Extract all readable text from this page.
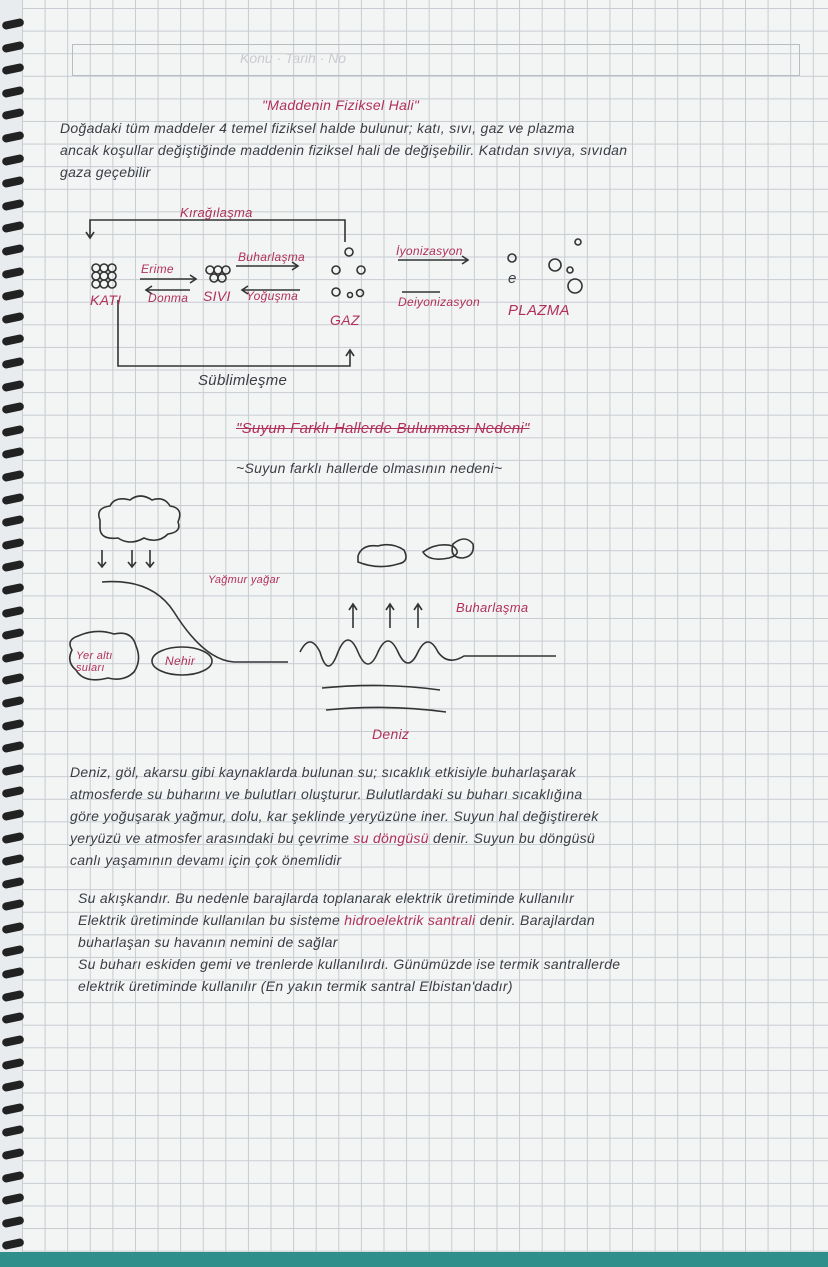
Konu · Tarih · No
"Maddenin Fiziksel Hali"
Doğadaki tüm maddeler 4 temel fiziksel halde bulunur; katı, sıvı, gaz ve plazma
ancak koşullar değiştiğinde maddenin fiziksel hali de değişebilir. Katıdan sıvıya, sıvıdan
gaza geçebilir
Kırağılaşma
Erime
Donma
Buharlaşma
Yoğuşma
İyonizasyon
Deiyonizasyon
KATI	SIVI
GAZ
PLAZMA
e
Süblimleşme
"Suyun Farklı Hallerde Bulunması Nedeni"
~Suyun farklı hallerde olmasının nedeni~
Yağmur yağar
Yer altı suları	Nehir
Buharlaşma
Deniz
Deniz, göl, akarsu gibi kaynaklarda bulunan su; sıcaklık etkisiyle buharlaşarak
atmosferde su buharını ve bulutları oluşturur. Bulutlardaki su buharı sıcaklığına
göre yoğuşarak yağmur, dolu, kar şeklinde yeryüzüne iner. Suyun hal değiştirerek
yeryüzü ve atmosfer arasındaki bu çevrime su döngüsü denir. Suyun bu döngüsü
canlı yaşamının devamı için çok önemlidir
Su akışkandır. Bu nedenle barajlarda toplanarak elektrik üretiminde kullanılır
Elektrik üretiminde kullanılan bu sisteme hidroelektrik santrali denir. Barajlardan
buharlaşan su havanın nemini de sağlar
Su buharı eskiden gemi ve trenlerde kullanılırdı. Günümüzde ise termik santrallerde
elektrik üretiminde kullanılır (En yakın termik santral Elbistan'dadır)
